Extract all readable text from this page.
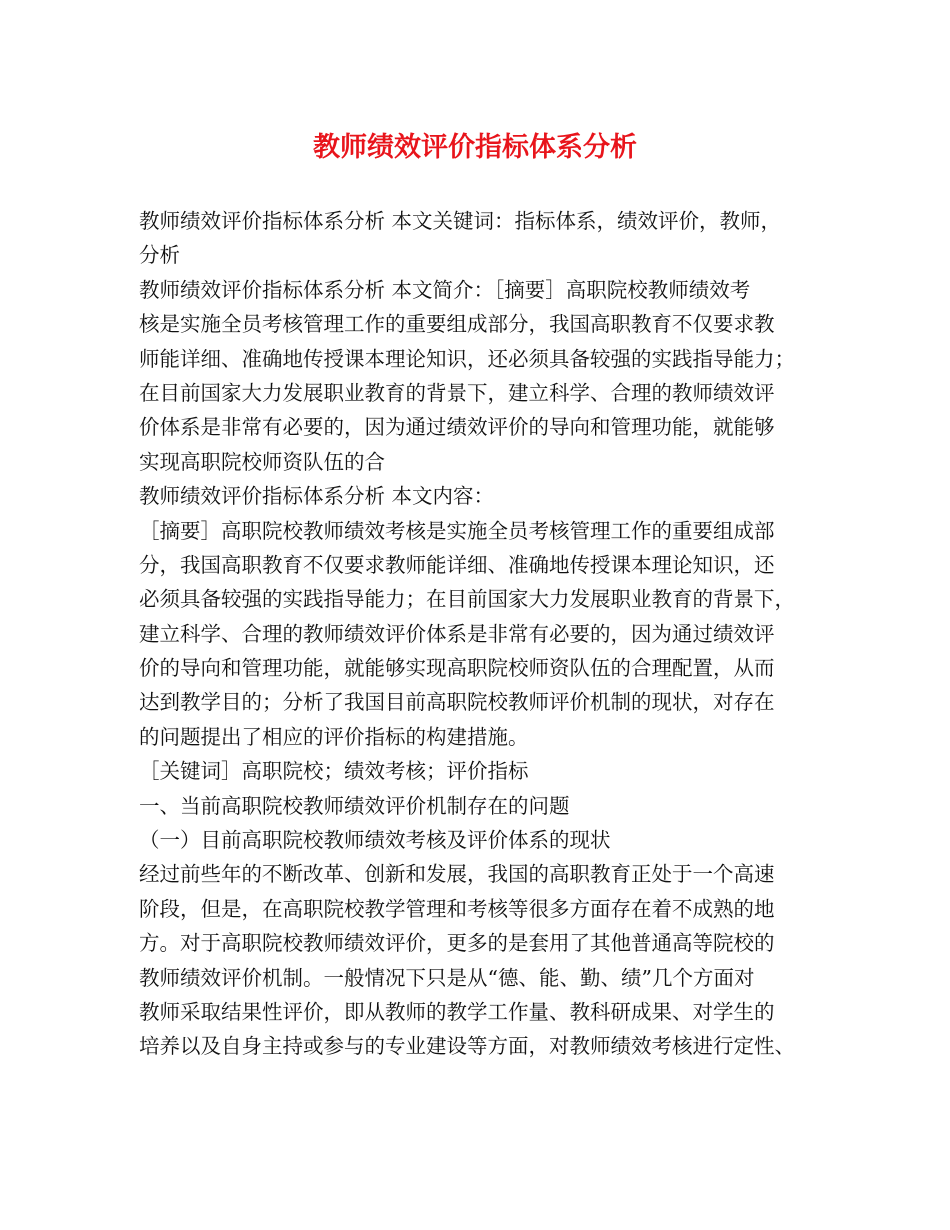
教师绩效评价指标体系分析
教师绩效评价指标体系分析 本文关键词：指标体系，绩效评价，教师，
分析
教师绩效评价指标体系分析 本文简介：［摘要］高职院校教师绩效考
核是实施全员考核管理工作的重要组成部分，我国高职教育不仅要求教
师能详细、准确地传授课本理论知识，还必须具备较强的实践指导能力；
在目前国家大力发展职业教育的背景下，建立科学、合理的教师绩效评
价体系是非常有必要的，因为通过绩效评价的导向和管理功能，就能够
实现高职院校师资队伍的合
教师绩效评价指标体系分析 本文内容：
［摘要］高职院校教师绩效考核是实施全员考核管理工作的重要组成部
分，我国高职教育不仅要求教师能详细、准确地传授课本理论知识，还
必须具备较强的实践指导能力；在目前国家大力发展职业教育的背景下，
建立科学、合理的教师绩效评价体系是非常有必要的，因为通过绩效评
价的导向和管理功能，就能够实现高职院校师资队伍的合理配置，从而
达到教学目的；分析了我国目前高职院校教师评价机制的现状，对存在
的问题提出了相应的评价指标的构建措施。
［关键词］高职院校；绩效考核；评价指标
一、当前高职院校教师绩效评价机制存在的问题
（一）目前高职院校教师绩效考核及评价体系的现状
经过前些年的不断改革、创新和发展，我国的高职教育正处于一个高速
阶段，但是，在高职院校教学管理和考核等很多方面存在着不成熟的地
方。对于高职院校教师绩效评价，更多的是套用了其他普通高等院校的
教师绩效评价机制。一般情况下只是从“德、能、勤、绩”几个方面对
教师采取结果性评价，即从教师的教学工作量、教科研成果、对学生的
培养以及自身主持或参与的专业建设等方面，对教师绩效考核进行定性、
